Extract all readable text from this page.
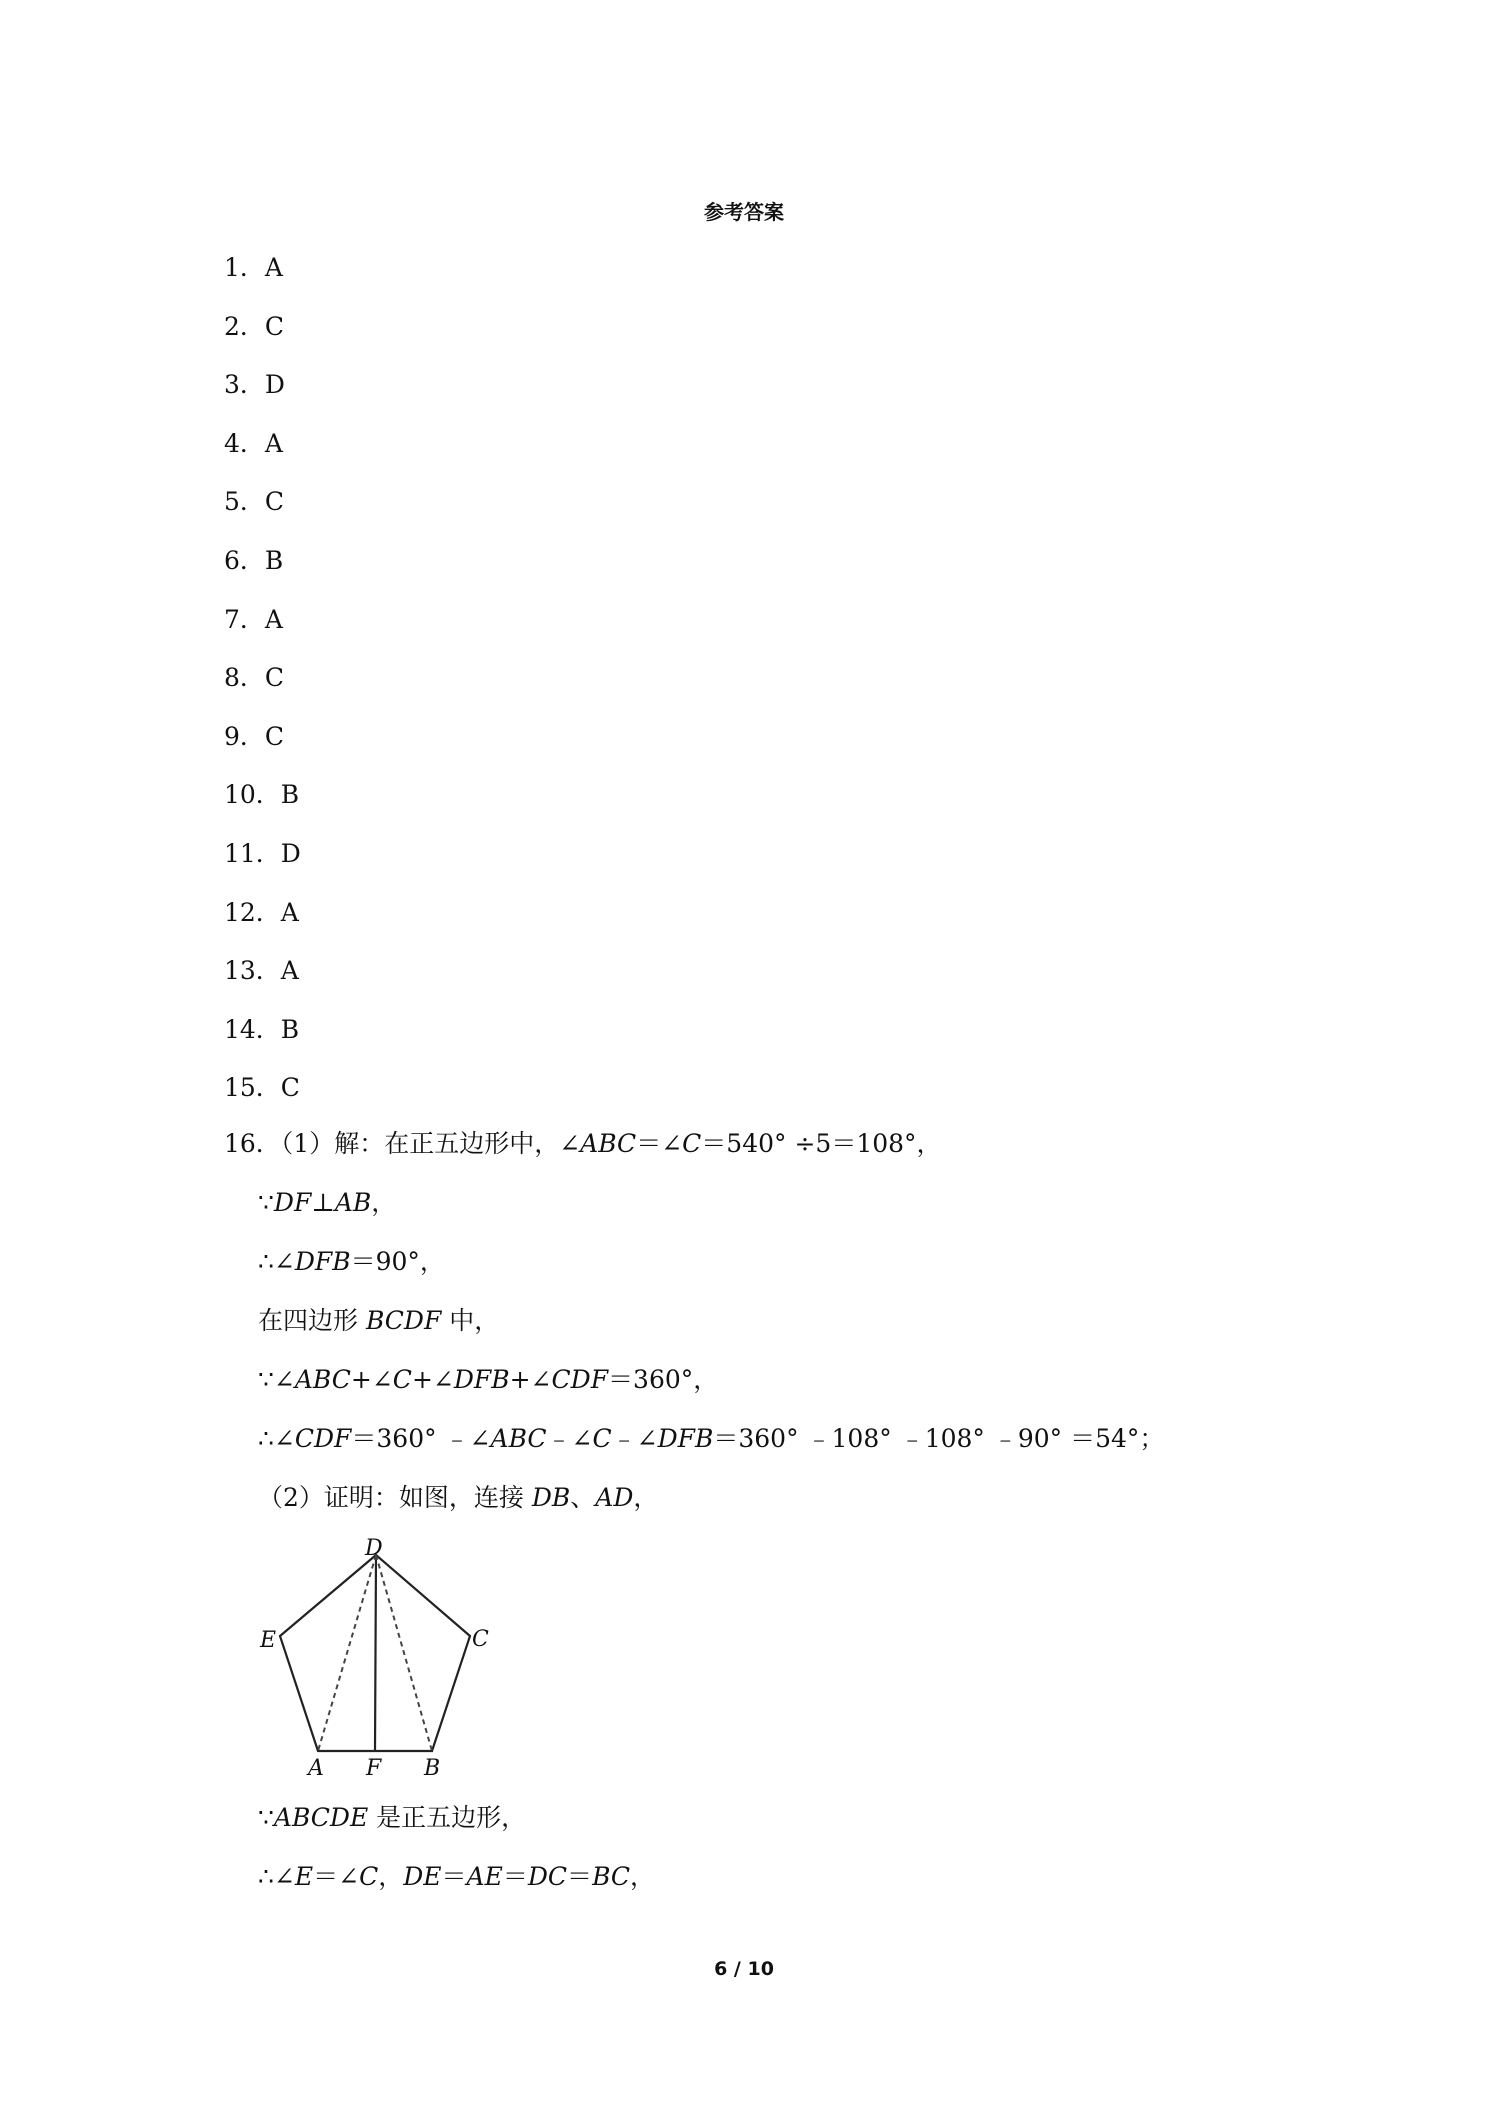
参考答案
1．A
2．C
3．D
4．A
5．C
6．B
7．A
8．C
9．C
10．B
11．D
12．A
13．A
14．B
15．C
16．（1）解：在正五边形中，∠ABC＝∠C＝540° ÷5＝108°，
∵DF⊥AB，
∴∠DFB＝90°，
在四边形 BCDF 中，
∵∠ABC+∠C+∠DFB+∠CDF＝360°，
∴∠CDF＝360° ﹣∠ABC﹣∠C﹣∠DFB＝360° ﹣108° ﹣108° ﹣90° ＝54°；
（2）证明：如图，连接 DB、AD，
D
E	C
A F B
∵ABCDE 是正五边形，
∴∠E＝∠C，DE＝AE＝DC＝BC，
6 / 10
